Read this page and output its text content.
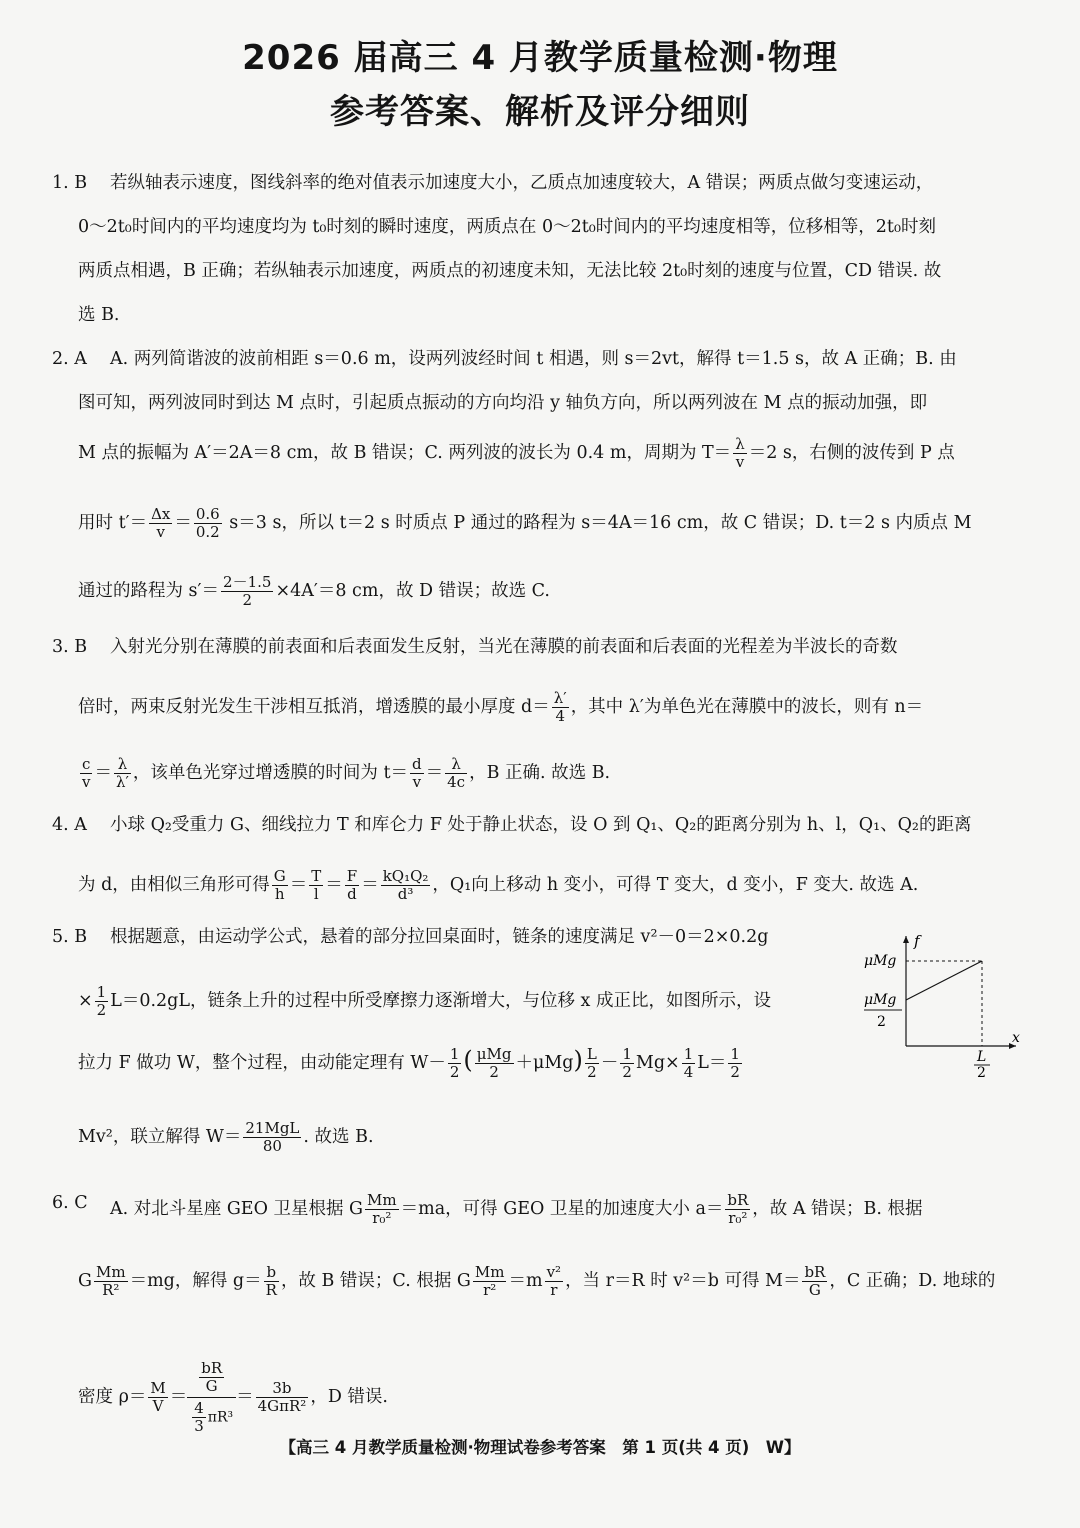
2026 届高三 4 月教学质量检测·物理
参考答案、解析及评分细则
1. B 若纵轴表示速度，图线斜率的绝对值表示加速度大小，乙质点加速度较大，A 错误；两质点做匀变速运动，
0～2t₀时间内的平均速度均为 t₀时刻的瞬时速度，两质点在 0～2t₀时间内的平均速度相等，位移相等，2t₀时刻
两质点相遇，B 正确；若纵轴表示加速度，两质点的初速度未知，无法比较 2t₀时刻的速度与位置，CD 错误. 故
选 B.
2. A A. 两列简谐波的波前相距 s＝0.6 m，设两列波经时间 t 相遇，则 s＝2vt，解得 t＝1.5 s，故 A 正确；B. 由
图可知，两列波同时到达 M 点时，引起质点振动的方向均沿 y 轴负方向，所以两列波在 M 点的振动加强，即
M 点的振幅为 A′＝2A＝8 cm，故 B 错误；C. 两列波的波长为 0.4 m，周期为 $T= \frac{\lambda}{v} =2$ s，右侧的波传到 P 点
用时 $t'= \frac{\Delta x}{v} = \frac{0.6}{0.2} s=3$ s，所以 t＝2 s 时质点 P 通过的路程为 s＝4A＝16 cm，故 C 错误；D. t＝2 s 内质点 M
通过的路程为 $s'= \frac{2-1.5}{2} \times 4A'=8$ cm，故 D 错误；故选 C.
3. B 入射光分别在薄膜的前表面和后表面发生反射，当光在薄膜的前表面和后表面的光程差为半波长的奇数
倍时，两束反射光发生干涉相互抵消，增透膜的最小厚度 $d= \frac{\lambda'}{4}$ ，其中 λ′为单色光在薄膜中的波长，则有 n＝
$\frac{c}{v} = \frac{\lambda}{\lambda'}$ ，该单色光穿过增透膜的时间为 $t= \frac{d}{v} = \frac{\lambda}{4c}$ ，B 正确. 故选 B.
4. A 小球 Q₂受重力 G、细线拉力 T 和库仑力 F 处于静止状态，设 O 到 Q₁、Q₂的距离分别为 h、l，Q₁、Q₂的距离
为 d，由相似三角形可得 $\frac{G}{h} = \frac{T}{l} = \frac{F}{d} = \frac{\text{kQ₁Q₂}}{\text{d³}}$ ，Q₁向上移动 h 变小，可得 T 变大，d 变小，F 变大. 故选 A.
5. B 根据题意，由运动学公式，悬着的部分拉回桌面时，链条的速度满足 v²－0＝2×0.2g
× $\frac{1}{2} L=0.2gL$，链条上升的过程中所受摩擦力逐渐增大，与位移 x 成正比，如图所示，设
拉力 F 做功 W，整个过程，由动能定理有 $W- \frac{1}{2}$ ( $\frac{\text{μMg}}{2} +\mu Mg) \frac{L}{2} - \frac{1}{2} Mg\times \frac{1}{4} L= \frac{1}{2}$
Mv²，联立解得 $W= \frac{\text{21MgL}}{80}$ . 故选 B.
f
x
μMg
μMg
2
L
2
6. C A. 对北斗星座 GEO 卫星根据 G $\frac{Mm}{\text{r₀²}} =ma$，可得 GEO 卫星的加速度大小 $a= \frac{bR}{\text{r₀²}}$ ，故 A 错误；B. 根据
G $\frac{Mm}{\text{R²}} =mg$，解得 $g= \frac{b}{R}$ ，故 B 错误；C. 根据 G $\frac{Mm}{\text{r²}} =m \frac{\text{v²}}{r}$ ，当 r＝R 时 v²＝b 可得 $M= \frac{bR}{G}$ ，C 正确；D. 地球的
密度 $\rho= \frac{M}{V}$ ＝
$\frac{bR}{G}$
$\frac{4}{3} \pi R^3$
＝ $\frac{3b}{\text{4GπR²}}$ ，D 错误.
【高三 4 月教学质量检测·物理试卷参考答案　第 1 页(共 4 页)　W】
